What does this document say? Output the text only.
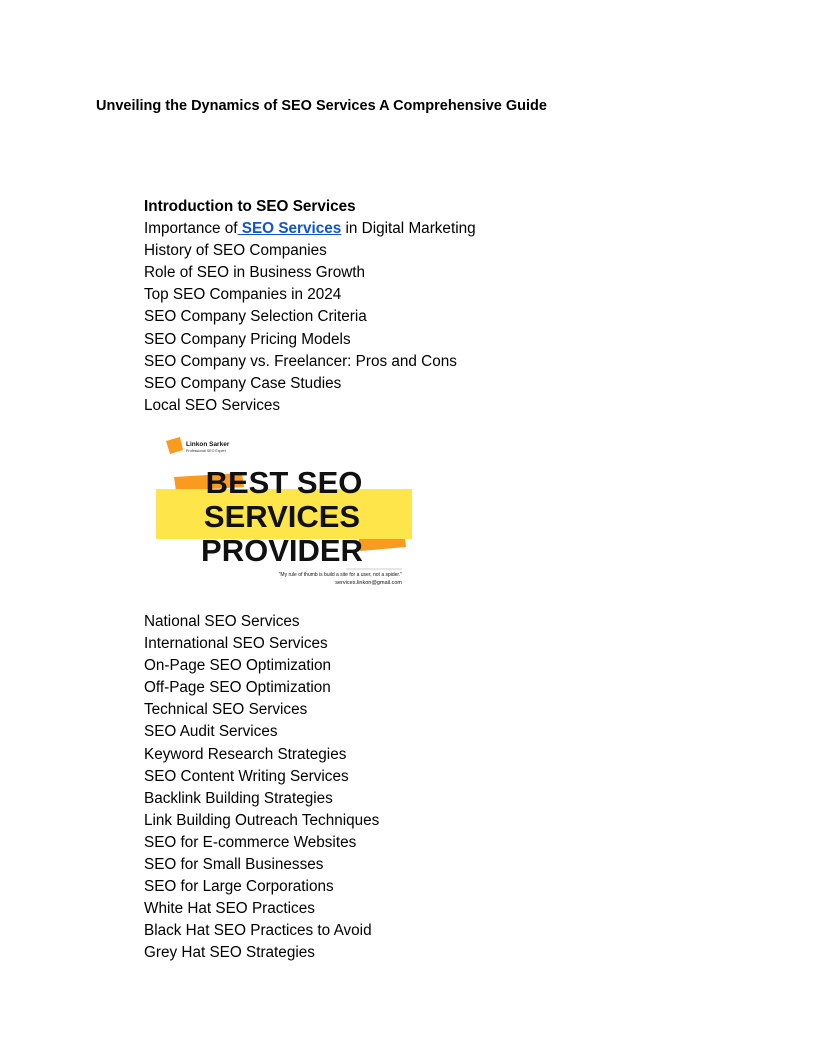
Unveiling the Dynamics of SEO Services A Comprehensive Guide
Introduction to SEO Services
Importance of SEO Services in Digital Marketing
History of SEO Companies
Role of SEO in Business Growth
Top SEO Companies in 2024
SEO Company Selection Criteria
SEO Company Pricing Models
SEO Company vs. Freelancer: Pros and Cons
SEO Company Case Studies
Local SEO Services
Linkon Sarker
Professional SEO Expert
BEST SEO
SERVICES
PROVIDER
"My rule of thumb is build a site for a user, not a spider."
services.linkon@gmail.com
National SEO Services
International SEO Services
On-Page SEO Optimization
Off-Page SEO Optimization
Technical SEO Services
SEO Audit Services
Keyword Research Strategies
SEO Content Writing Services
Backlink Building Strategies
Link Building Outreach Techniques
SEO for E-commerce Websites
SEO for Small Businesses
SEO for Large Corporations
White Hat SEO Practices
Black Hat SEO Practices to Avoid
Grey Hat SEO Strategies
